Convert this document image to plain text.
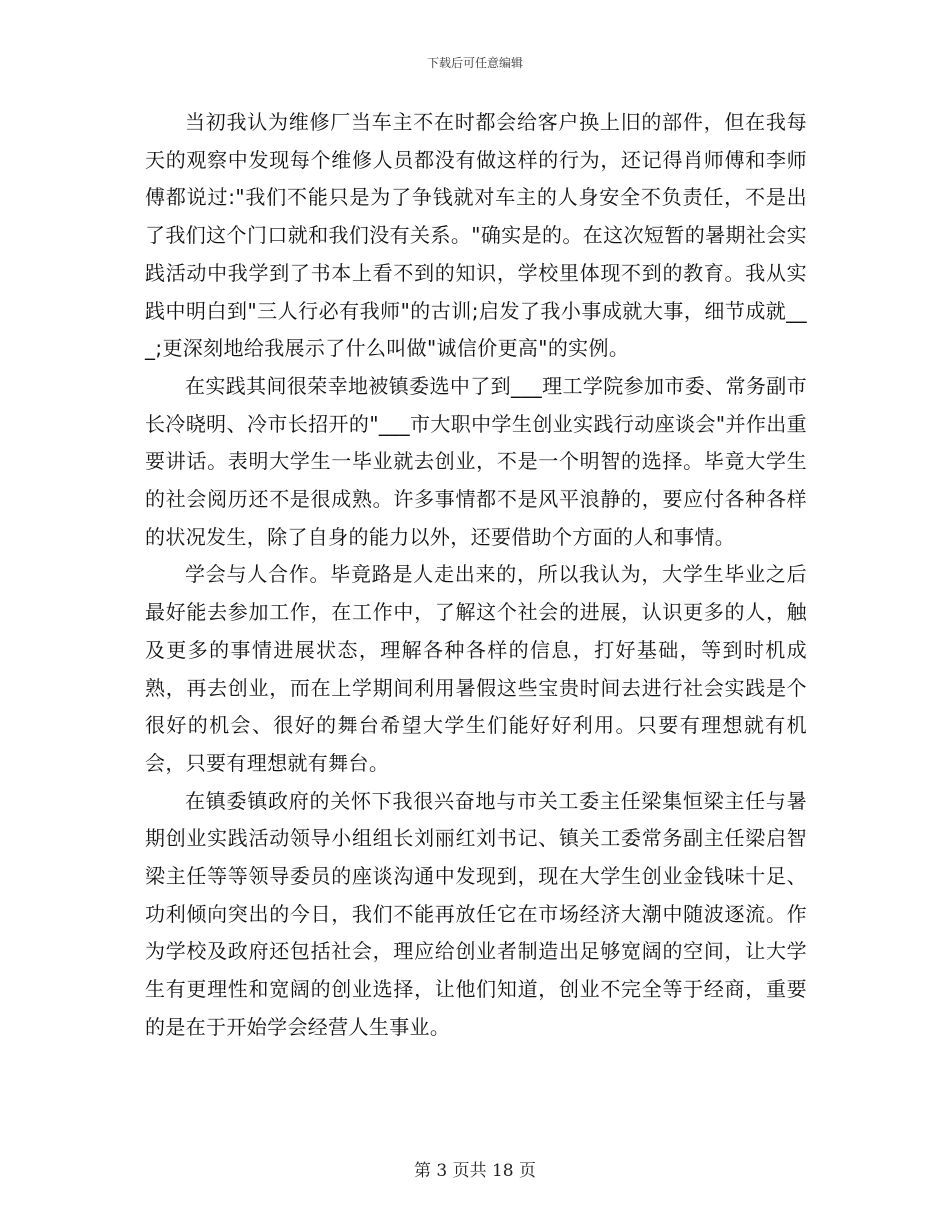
下载后可任意编辑

当初我认为维修厂当车主不在时都会给客户换上旧的部件，但在我每天的观察中发现每个维修人员都没有做这样的行为，还记得肖师傅和李师傅都说过:"我们不能只是为了争钱就对车主的人身安全不负责任，不是出了我们这个门口就和我们没有关系。"确实是的。在这次短暂的暑期社会实践活动中我学到了书本上看不到的知识，学校里体现不到的教育。我从实践中明白到"三人行必有我师"的古训;启发了我小事成就大事，细节成就___;更深刻地给我展示了什么叫做"诚信价更高"的实例。

在实践其间很荣幸地被镇委选中了到___理工学院参加市委、常务副市长冷晓明、冷市长招开的"___市大职中学生创业实践行动座谈会"并作出重要讲话。表明大学生一毕业就去创业，不是一个明智的选择。毕竟大学生的社会阅历还不是很成熟。许多事情都不是风平浪静的，要应付各种各样的状况发生，除了自身的能力以外，还要借助个方面的人和事情。

学会与人合作。毕竟路是人走出来的，所以我认为，大学生毕业之后最好能去参加工作，在工作中，了解这个社会的进展，认识更多的人，触及更多的事情进展状态，理解各种各样的信息，打好基础，等到时机成熟，再去创业，而在上学期间利用暑假这些宝贵时间去进行社会实践是个很好的机会、很好的舞台希望大学生们能好好利用。只要有理想就有机会，只要有理想就有舞台。

在镇委镇政府的关怀下我很兴奋地与市关工委主任梁集恒梁主任与暑期创业实践活动领导小组组长刘丽红刘书记、镇关工委常务副主任梁启智梁主任等等领导委员的座谈沟通中发现到，现在大学生创业金钱味十足、功利倾向突出的今日，我们不能再放任它在市场经济大潮中随波逐流。作为学校及政府还包括社会，理应给创业者制造出足够宽阔的空间，让大学生有更理性和宽阔的创业选择，让他们知道，创业不完全等于经商，重要的是在于开始学会经营人生事业。

第 3 页共 18 页
